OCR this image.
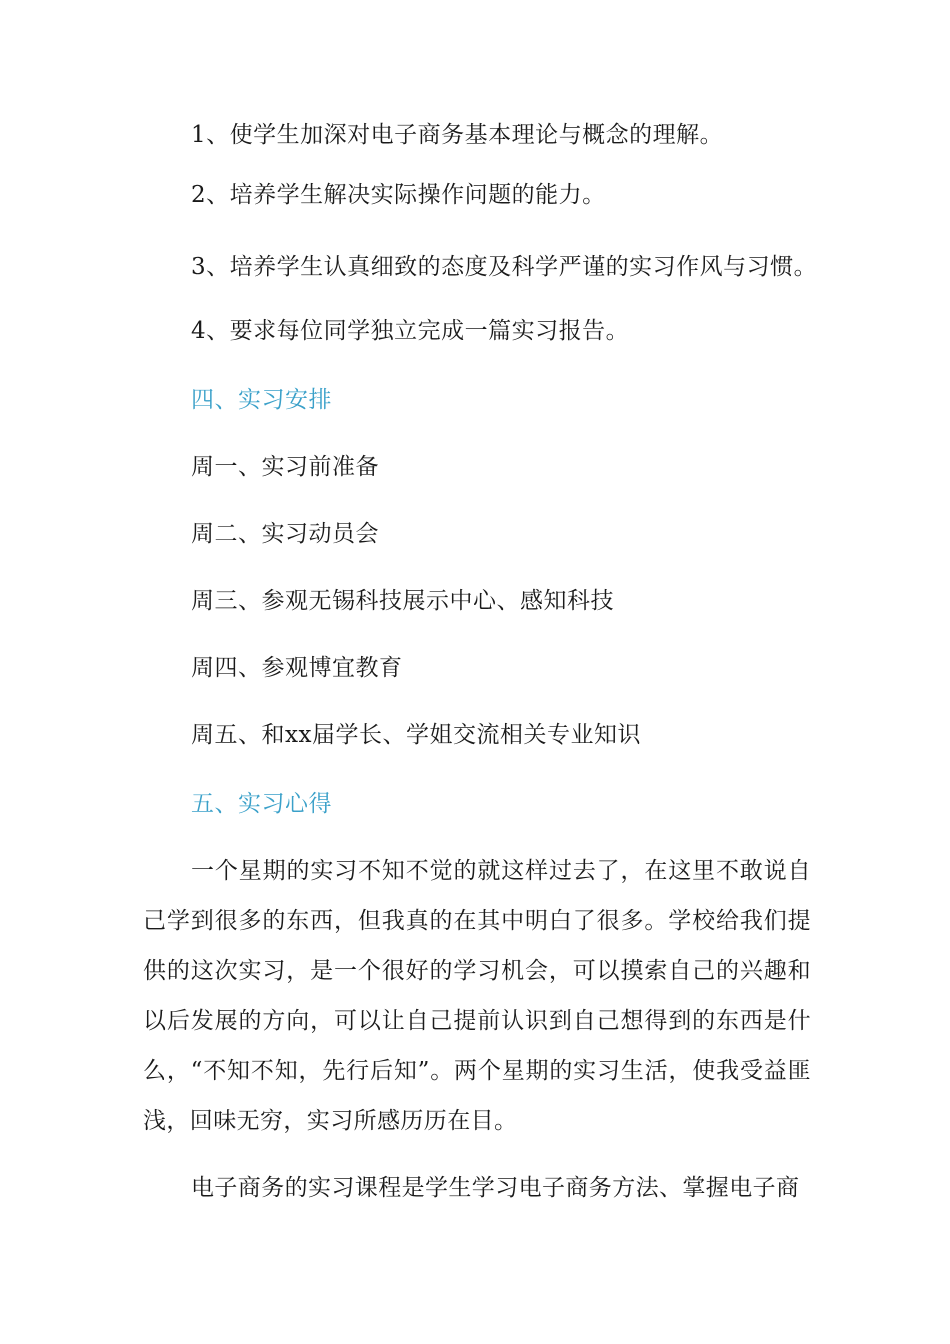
1、使学生加深对电子商务基本理论与概念的理解。
2、培养学生解决实际操作问题的能力。
3、培养学生认真细致的态度及科学严谨的实习作风与习惯。
4、要求每位同学独立完成一篇实习报告。
四、实习安排
周一、实习前准备
周二、实习动员会
周三、参观无锡科技展示中心、感知科技
周四、参观博宜教育
周五、和xx届学长、学姐交流相关专业知识
五、实习心得
一个星期的实习不知不觉的就这样过去了，在这里不敢说自己学到很多的东西，但我真的在其中明白了很多。学校给我们提供的这次实习，是一个很好的学习机会，可以摸索自己的兴趣和以后发展的方向，可以让自己提前认识到自己想得到的东西是什么，“不知不知，先行后知”。两个星期的实习生活，使我受益匪浅，回味无穷，实习所感历历在目。
电子商务的实习课程是学生学习电子商务方法、掌握电子商
